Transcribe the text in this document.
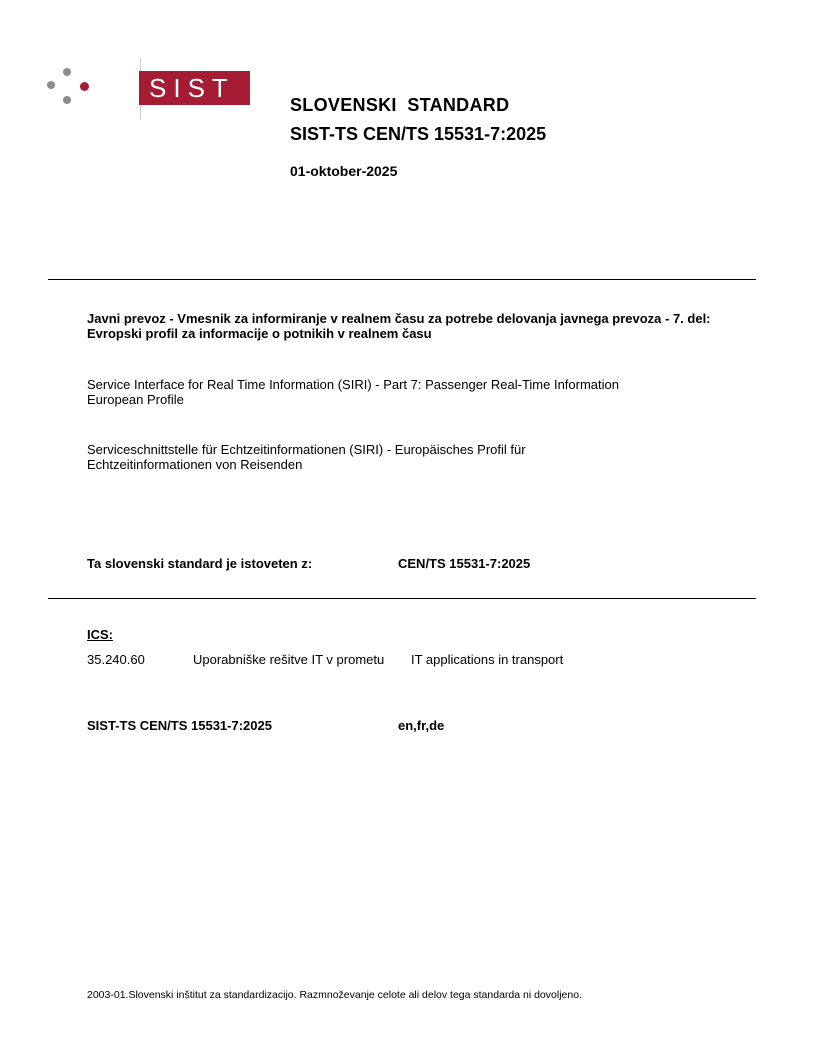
SIST
SLOVENSKI  STANDARD
SIST-TS CEN/TS 15531-7:2025
01-oktober-2025

Javni prevoz - Vmesnik za informiranje v realnem času za potrebe delovanja javnega prevoza - 7. del: Evropski profil za informacije o potnikih v realnem času

Service Interface for Real Time Information (SIRI) - Part 7: Passenger Real-Time Information European Profile

Serviceschnittstelle für Echtzeitinformationen (SIRI) - Europäisches Profil für Echtzeitinformationen von Reisenden

Ta slovenski standard je istoveten z:	CEN/TS 15531-7:2025
ICS:
35.240.60	Uporabniške rešitve IT v prometu	IT applications in transport
SIST-TS CEN/TS 15531-7:2025	en,fr,de
2003-01.Slovenski inštitut za standardizacijo. Razmnoževanje celote ali delov tega standarda ni dovoljeno.
